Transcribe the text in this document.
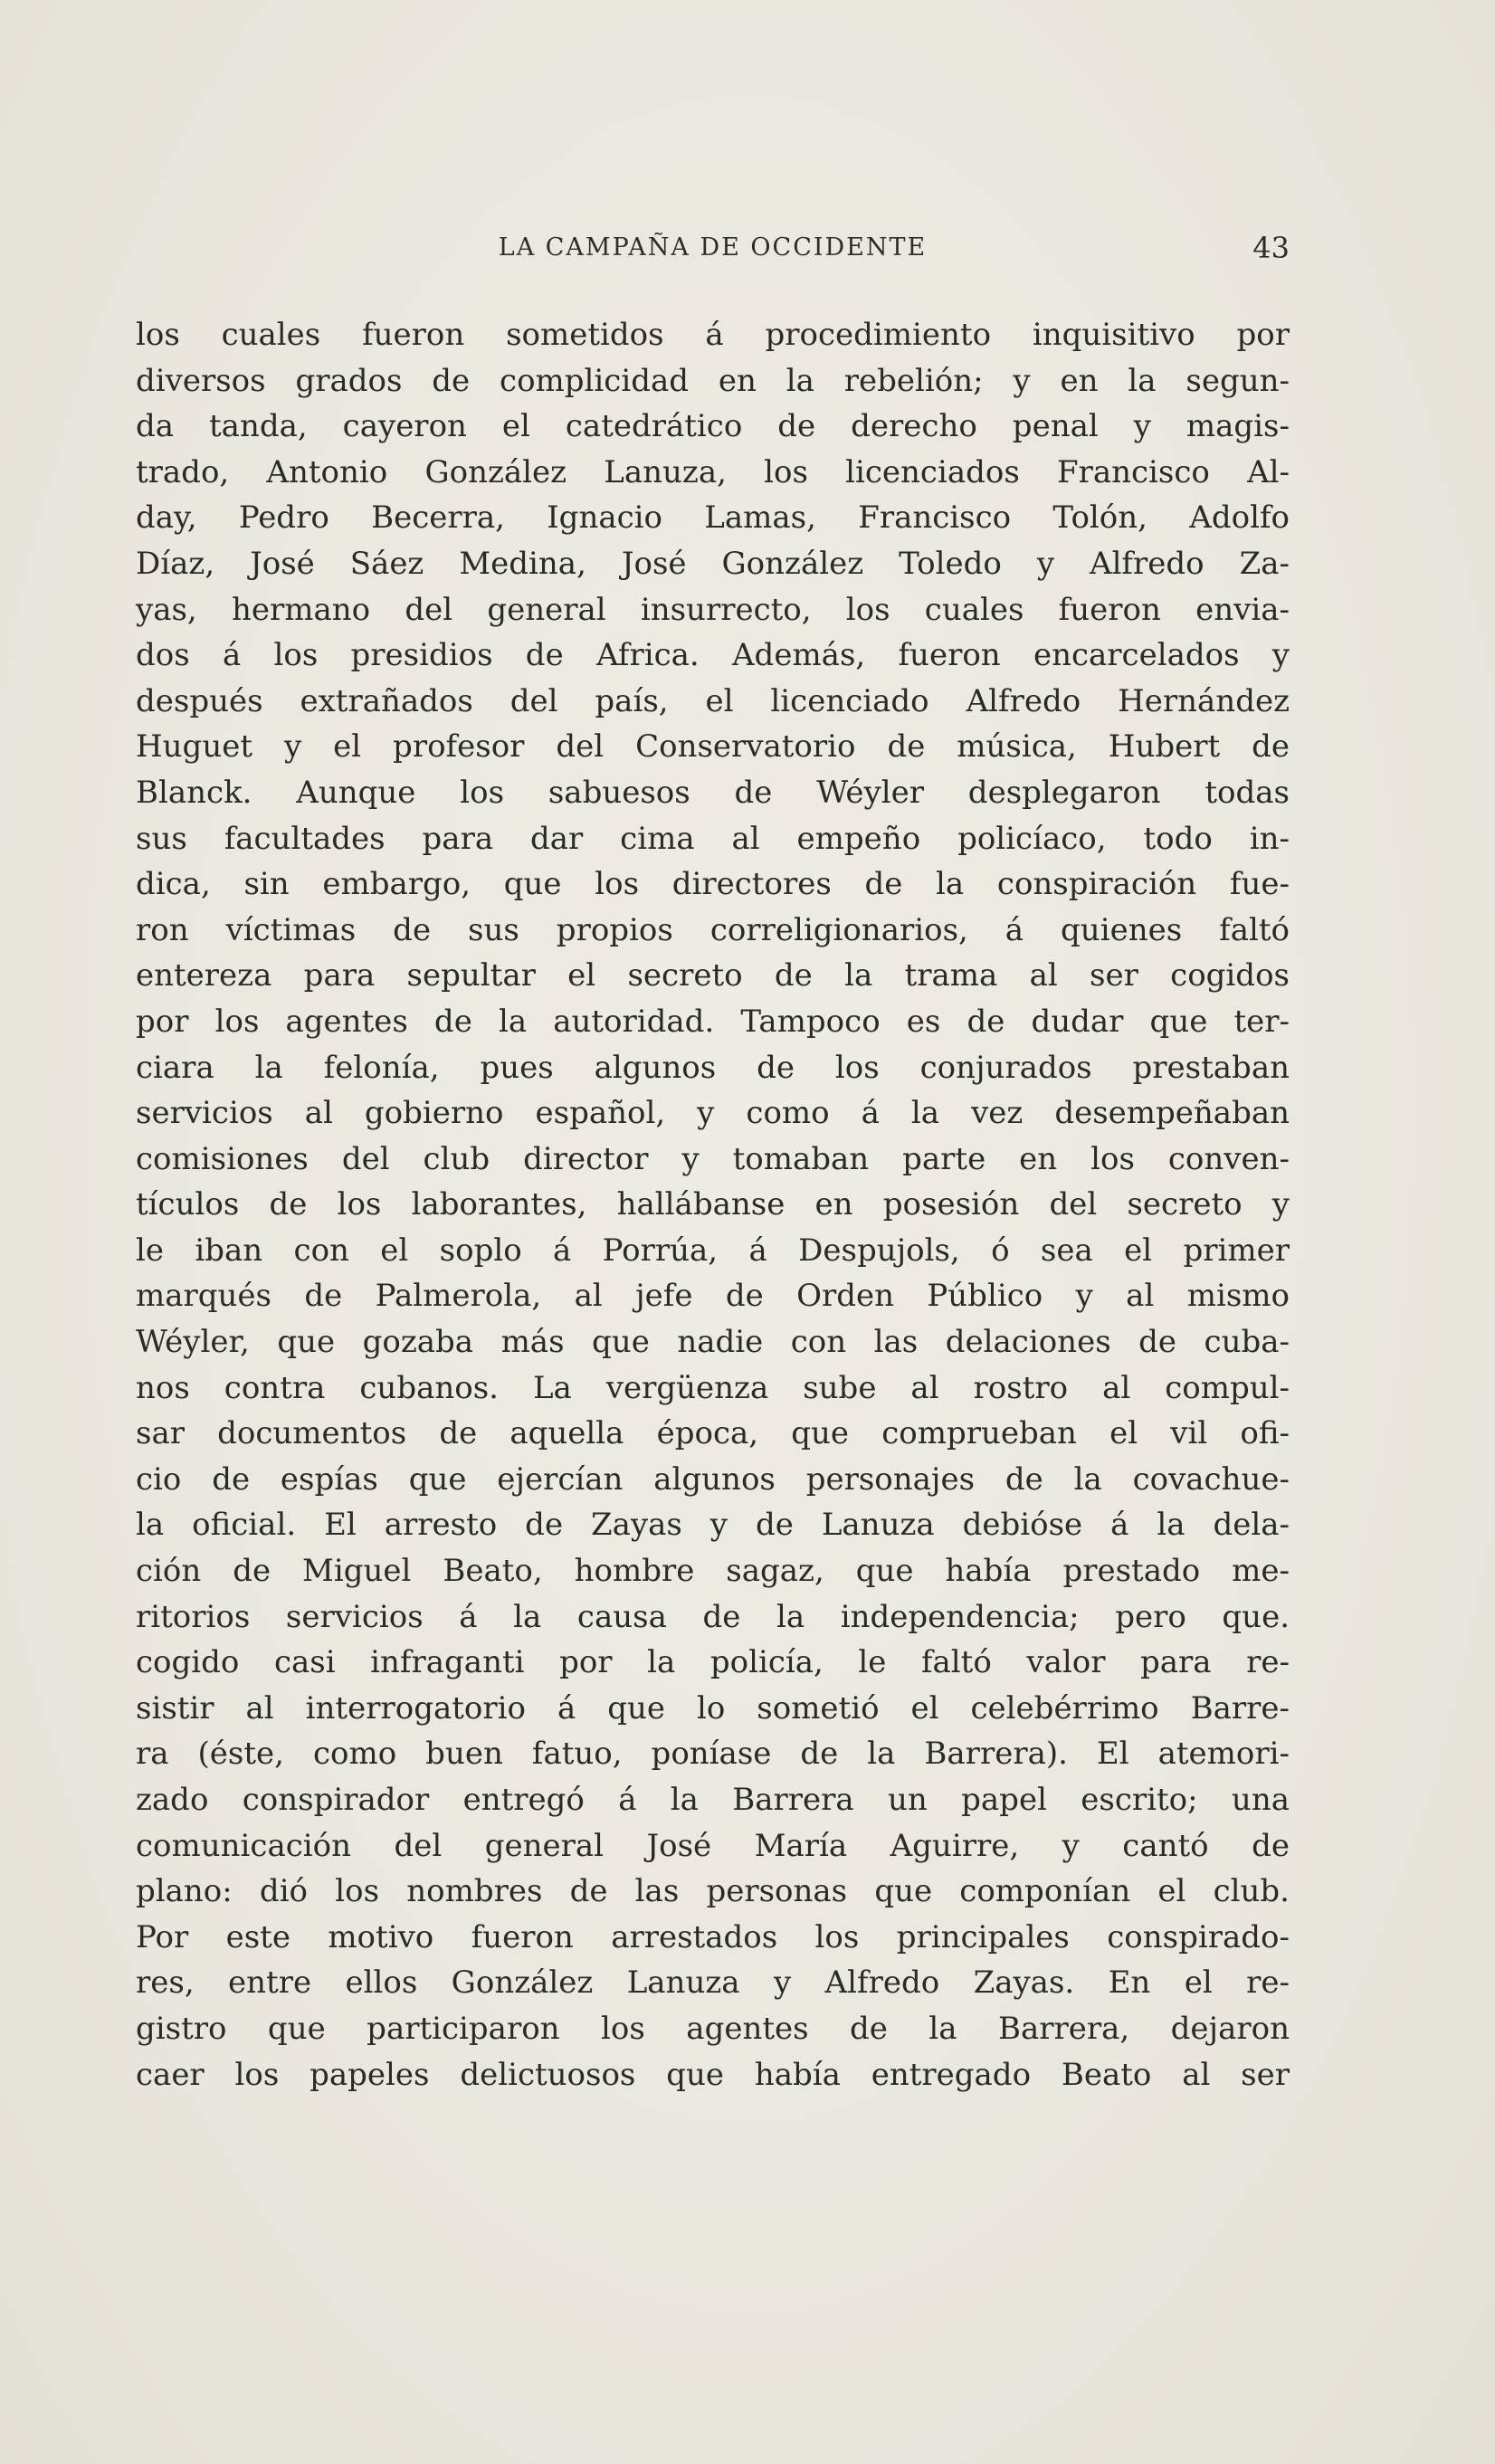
LA CAMPAÑA DE OCCIDENTE	43
los cuales fueron sometidos á procedimiento inquisitivo por
diversos grados de complicidad en la rebelión; y en la segun-
da tanda, cayeron el catedrático de derecho penal y magis-
trado, Antonio González Lanuza, los licenciados Francisco Al-
day, Pedro Becerra, Ignacio Lamas, Francisco Tolón, Adolfo
Díaz, José Sáez Medina, José González Toledo y Alfredo Za-
yas, hermano del general insurrecto, los cuales fueron envia-
dos á los presidios de Africa. Además, fueron encarcelados y
después extrañados del país, el licenciado Alfredo Hernández
Huguet y el profesor del Conservatorio de música, Hubert de
Blanck. Aunque los sabuesos de Wéyler desplegaron todas
sus facultades para dar cima al empeño policíaco, todo in-
dica, sin embargo, que los directores de la conspiración fue-
ron víctimas de sus propios correligionarios, á quienes faltó
entereza para sepultar el secreto de la trama al ser cogidos
por los agentes de la autoridad. Tampoco es de dudar que ter-
ciara la felonía, pues algunos de los conjurados prestaban
servicios al gobierno español, y como á la vez desempeñaban
comisiones del club director y tomaban parte en los conven-
tículos de los laborantes, hallábanse en posesión del secreto y
le iban con el soplo á Porrúa, á Despujols, ó sea el primer
marqués de Palmerola, al jefe de Orden Público y al mismo
Wéyler, que gozaba más que nadie con las delaciones de cuba-
nos contra cubanos. La vergüenza sube al rostro al compul-
sar documentos de aquella época, que comprueban el vil ofi-
cio de espías que ejercían algunos personajes de la covachue-
la oficial. El arresto de Zayas y de Lanuza debióse á la dela-
ción de Miguel Beato, hombre sagaz, que había prestado me-
ritorios servicios á la causa de la independencia; pero que.
cogido casi infraganti por la policía, le faltó valor para re-
sistir al interrogatorio á que lo sometió el celebérrimo Barre-
ra (éste, como buen fatuo, poníase de la Barrera). El atemori-
zado conspirador entregó á la Barrera un papel escrito; una
comunicación del general José María Aguirre, y cantó de
plano: dió los nombres de las personas que componían el club.
Por este motivo fueron arrestados los principales conspirado-
res, entre ellos González Lanuza y Alfredo Zayas. En el re-
gistro que participaron los agentes de la Barrera, dejaron
caer los papeles delictuosos que había entregado Beato al ser
